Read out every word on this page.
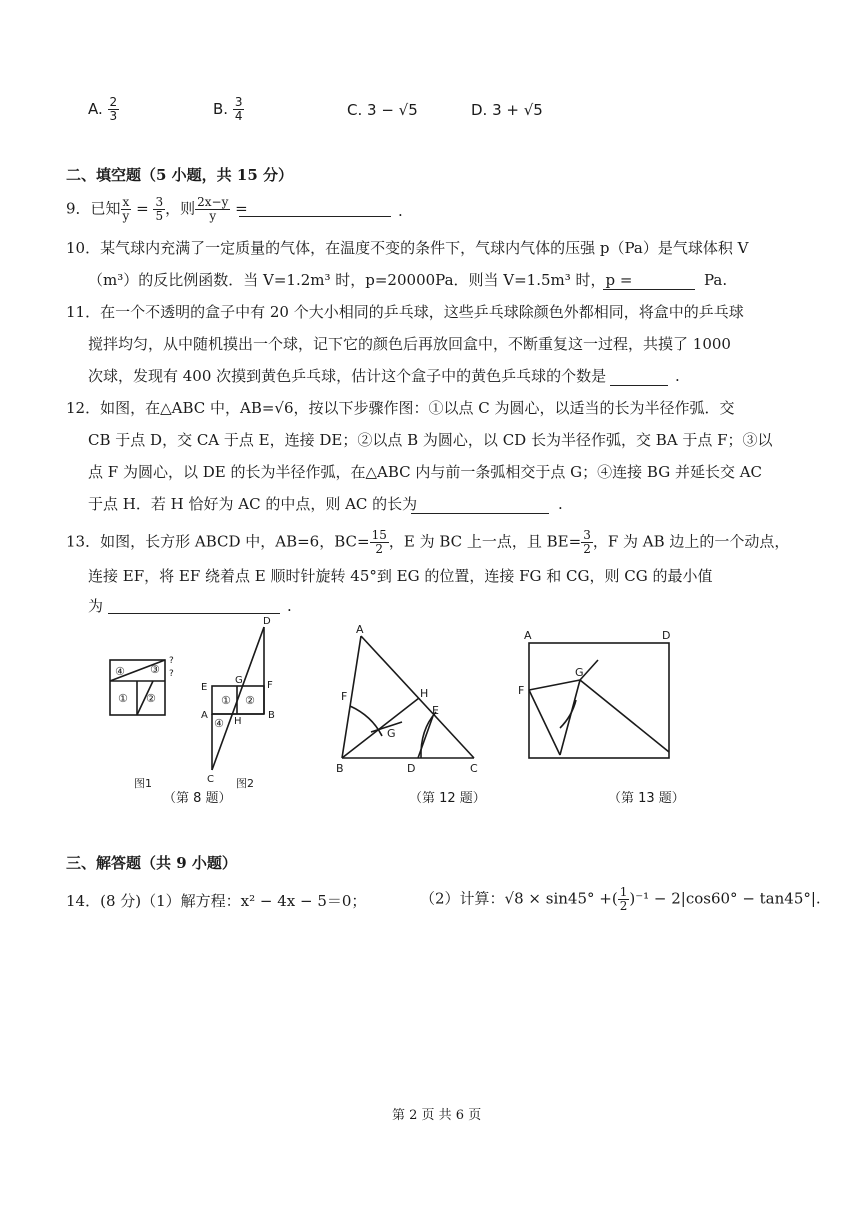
A. $\frac{2}{3}$	B. $\frac{3}{4}$	C. 3 − √5	D. 3 + √5
二、填空题（5 小题，共 15 分）
9．已知 $\frac{x}{y} = \frac{3}{5}$ ，则 $\frac{2x-y}{y}$ =	.
10．某气球内充满了一定质量的气体，在温度不变的条件下，气球内气体的压强 p（Pa）是气球体积 V
（m³）的反比例函数．当 V=1.2m³ 时，p=20000Pa．则当 V=1.5m³ 时，p =	Pa.
11．在一个不透明的盒子中有 20 个大小相同的乒乓球，这些乒乓球除颜色外都相同，将盒中的乒乓球
搅拌均匀，从中随机摸出一个球，记下它的颜色后再放回盒中，不断重复这一过程，共摸了 1000
次球，发现有 400 次摸到黄色乒乓球，估计这个盒子中的黄色乒乓球的个数是	.
12．如图，在△ABC 中，AB=√6，按以下步骤作图：①以点 C 为圆心，以适当的长为半径作弧．交
CB 于点 D，交 CA 于点 E，连接 DE；②以点 B 为圆心，以 CD 长为半径作弧，交 BA 于点 F；③以
点 F 为圆心，以 DE 的长为半径作弧，在△ABC 内与前一条弧相交于点 G；④连接 BG 并延长交 AC
于点 H．若 H 恰好为 AC 的中点，则 AC 的长为	.
13．如图，长方形 ABCD 中，AB=6，$BC= \frac{15}{2}$ ，E 为 BC 上一点，且 $BE= \frac{3}{2}$ ，F 为 AB 边上的一个动点，
连接 EF，将 EF 绕着点 E 顺时针旋转 45°到 EG 的位置，连接 FG 和 CG，则 CG 的最小值
为	.
④ ③
① ②
?
?
图1
① ②
④
D
G F
E
A
H
B
C 图2
A
F	H
E
G
B	D	C
A	D
G
F
（第 8 题）	（第 12 题）	（第 13 题）
三、解答题（共 9 小题）
14．(8 分)（1）解方程：x² − 4x − 5＝0；	（2）计算：√8 × sin45° +( $\frac{1}{2} )^{-1} - 2|\cos 60^\circ - \tan 45^\circ|$.
第 2 页 共 6 页
